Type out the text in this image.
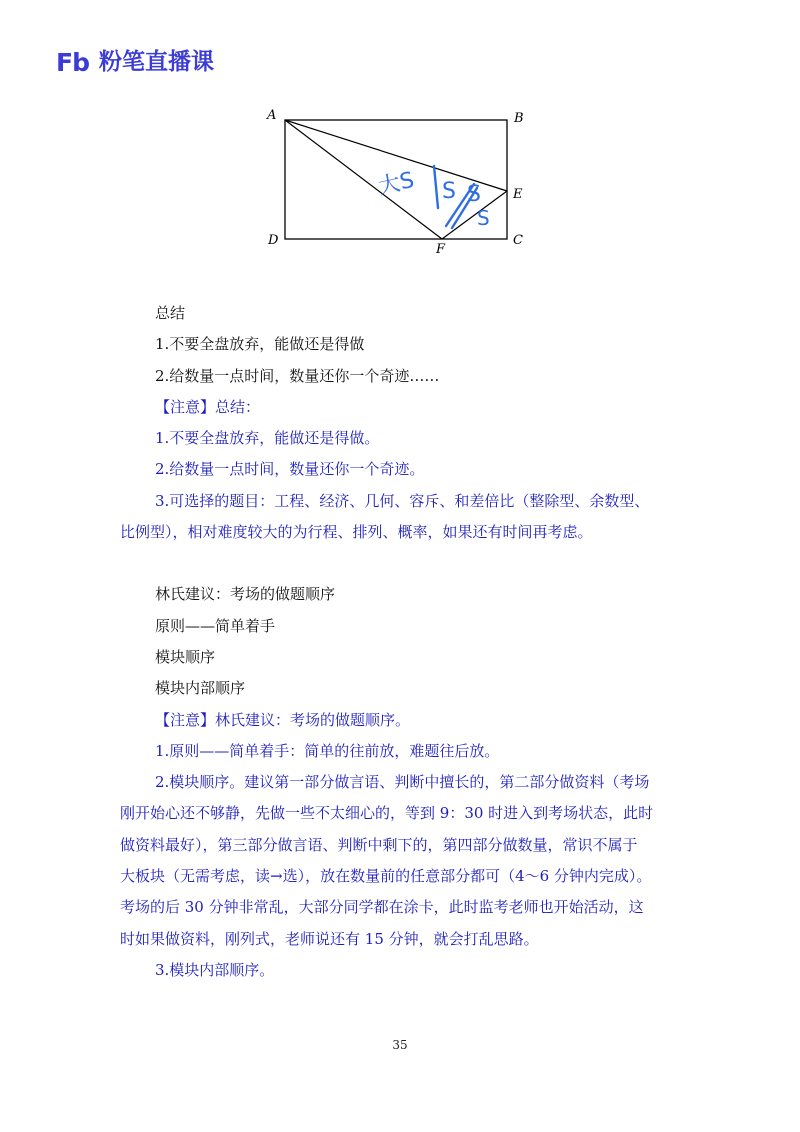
Fb 粉笔直播课
A	B
C
D
E
F
大S S S
S
总结
1.不要全盘放弃，能做还是得做
2.给数量一点时间，数量还你一个奇迹……
【注意】总结：
1.不要全盘放弃，能做还是得做。
2.给数量一点时间，数量还你一个奇迹。
3.可选择的题目：工程、经济、几何、容斥、和差倍比（整除型、余数型、
比例型），相对难度较大的为行程、排列、概率，如果还有时间再考虑。
林氏建议：考场的做题顺序
原则——简单着手
模块顺序
模块内部顺序
【注意】林氏建议：考场的做题顺序。
1.原则——简单着手：简单的往前放，难题往后放。
2.模块顺序。建议第一部分做言语、判断中擅长的，第二部分做资料（考场
刚开始心还不够静，先做一些不太细心的，等到 9：30 时进入到考场状态，此时
做资料最好），第三部分做言语、判断中剩下的，第四部分做数量，常识不属于
大板块（无需考虑，读→选），放在数量前的任意部分都可（4～6 分钟内完成）。
考场的后 30 分钟非常乱，大部分同学都在涂卡，此时监考老师也开始活动，这
时如果做资料，刚列式，老师说还有 15 分钟，就会打乱思路。
3.模块内部顺序。
35
